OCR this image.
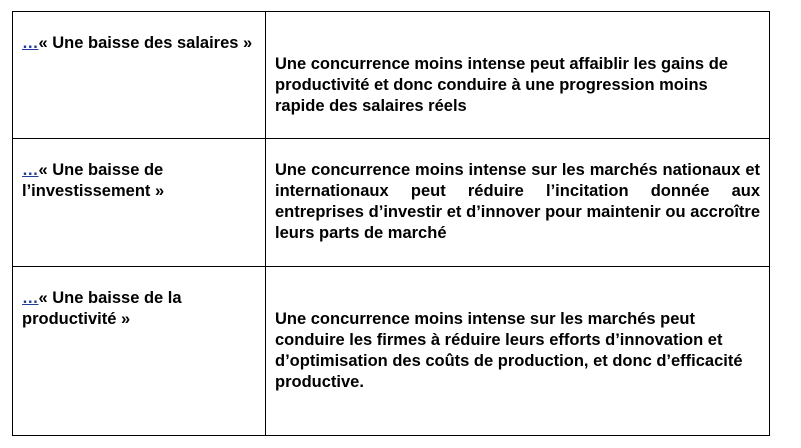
…« Une baisse des salaires »	Une concurrence moins intense peut affaiblir les gains de productivité et donc conduire à une progression moins rapide des salaires réels

…« Une baisse de l’investissement »	Une concurrence moins intense sur les marchés nationaux et internationaux peut réduire l’incitation donnée aux entreprises d’investir et d’innover pour maintenir ou accroître leurs parts de marché

…« Une baisse de la productivité »	Une concurrence moins intense sur les marchés peut conduire les firmes à réduire leurs efforts d’innovation et d’optimisation des coûts de production, et donc d’efficacité productive.
